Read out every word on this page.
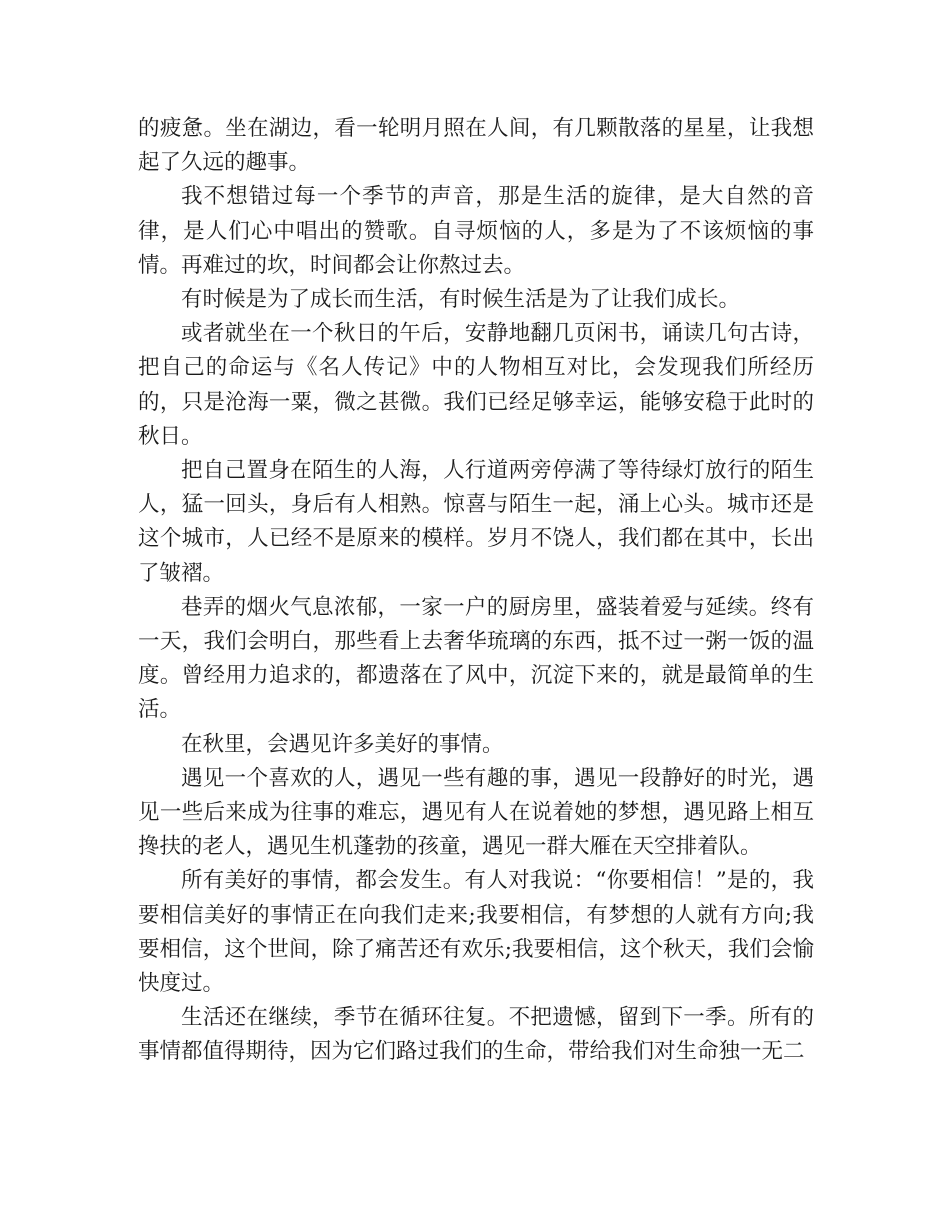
的疲惫。坐在湖边，看一轮明月照在人间，有几颗散落的星星，让我想起了久远的趣事。

我不想错过每一个季节的声音，那是生活的旋律，是大自然的音律，是人们心中唱出的赞歌。自寻烦恼的人，多是为了不该烦恼的事情。再难过的坎，时间都会让你熬过去。

有时候是为了成长而生活，有时候生活是为了让我们成长。

或者就坐在一个秋日的午后，安静地翻几页闲书，诵读几句古诗，把自己的命运与《名人传记》中的人物相互对比，会发现我们所经历的，只是沧海一粟，微之甚微。我们已经足够幸运，能够安稳于此时的秋日。

把自己置身在陌生的人海，人行道两旁停满了等待绿灯放行的陌生人，猛一回头，身后有人相熟。惊喜与陌生一起，涌上心头。城市还是这个城市，人已经不是原来的模样。岁月不饶人，我们都在其中，长出了皱褶。

巷弄的烟火气息浓郁，一家一户的厨房里，盛装着爱与延续。终有一天，我们会明白，那些看上去奢华琉璃的东西，抵不过一粥一饭的温度。曾经用力追求的，都遗落在了风中，沉淀下来的，就是最简单的生活。

在秋里，会遇见许多美好的事情。

遇见一个喜欢的人，遇见一些有趣的事，遇见一段静好的时光，遇见一些后来成为往事的难忘，遇见有人在说着她的梦想，遇见路上相互搀扶的老人，遇见生机蓬勃的孩童，遇见一群大雁在天空排着队。

所有美好的事情，都会发生。有人对我说：“你要相信！”是的，我要相信美好的事情正在向我们走来;我要相信，有梦想的人就有方向;我要相信，这个世间，除了痛苦还有欢乐;我要相信，这个秋天，我们会愉快度过。

生活还在继续，季节在循环往复。不把遗憾，留到下一季。所有的事情都值得期待，因为它们路过我们的生命，带给我们对生命独一无二
